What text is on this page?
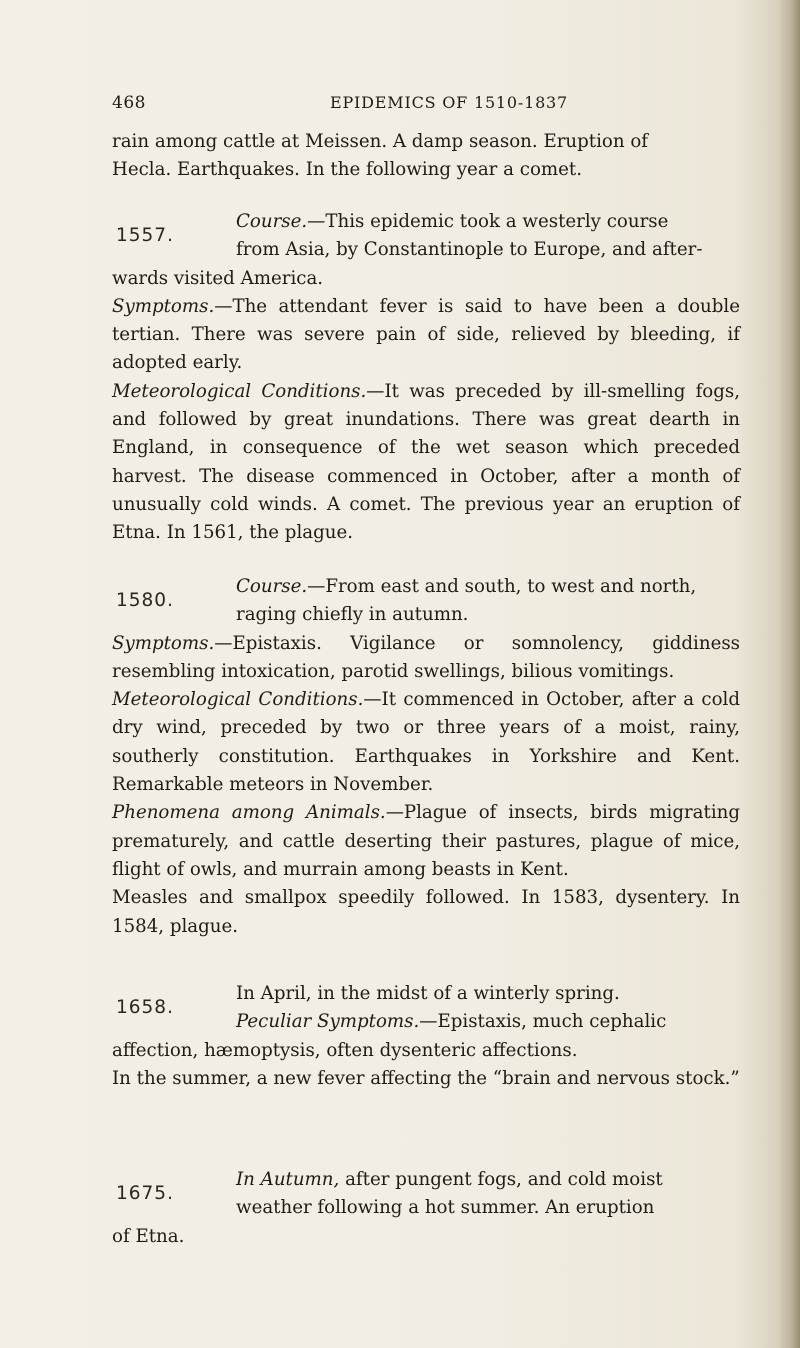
468	EPIDEMICS OF 1510-1837

rain among cattle at Meissen. A damp season. Eruption of

Hecla. Earthquakes. In the following year a comet.

1557.

Course.—This epidemic took a westerly course

from Asia, by Constantinople to Europe, and after-

wards visited America.

Symptoms.—The attendant fever is said to have been a double tertian. There was severe pain of side, relieved by bleeding, if adopted early.

Meteorological Conditions.—It was preceded by ill-smelling fogs, and followed by great inundations. There was great dearth in England, in consequence of the wet season which preceded harvest. The disease commenced in October, after a month of unusually cold winds. A comet. The previous year an eruption of Etna. In 1561, the plague.

1580.

Course.—From east and south, to west and north,

raging chiefly in autumn.

Symptoms.—Epistaxis. Vigilance or somnolency, giddiness resembling intoxication, parotid swellings, bilious vomitings.

Meteorological Conditions.—It commenced in October, after a cold dry wind, preceded by two or three years of a moist, rainy, southerly constitution. Earthquakes in Yorkshire and Kent. Remarkable meteors in November.

Phenomena among Animals.—Plague of insects, birds migrating prematurely, and cattle deserting their pastures, plague of mice, flight of owls, and murrain among beasts in Kent.

Measles and smallpox speedily followed. In 1583, dysentery. In 1584, plague.

1658.

In April, in the midst of a winterly spring.

Peculiar Symptoms.—Epistaxis, much cephalic

affection, hæmoptysis, often dysenteric affections.

In the summer, a new fever affecting the “brain and nervous stock.”

1675.

In Autumn, after pungent fogs, and cold moist

weather following a hot summer. An eruption

of Etna.
